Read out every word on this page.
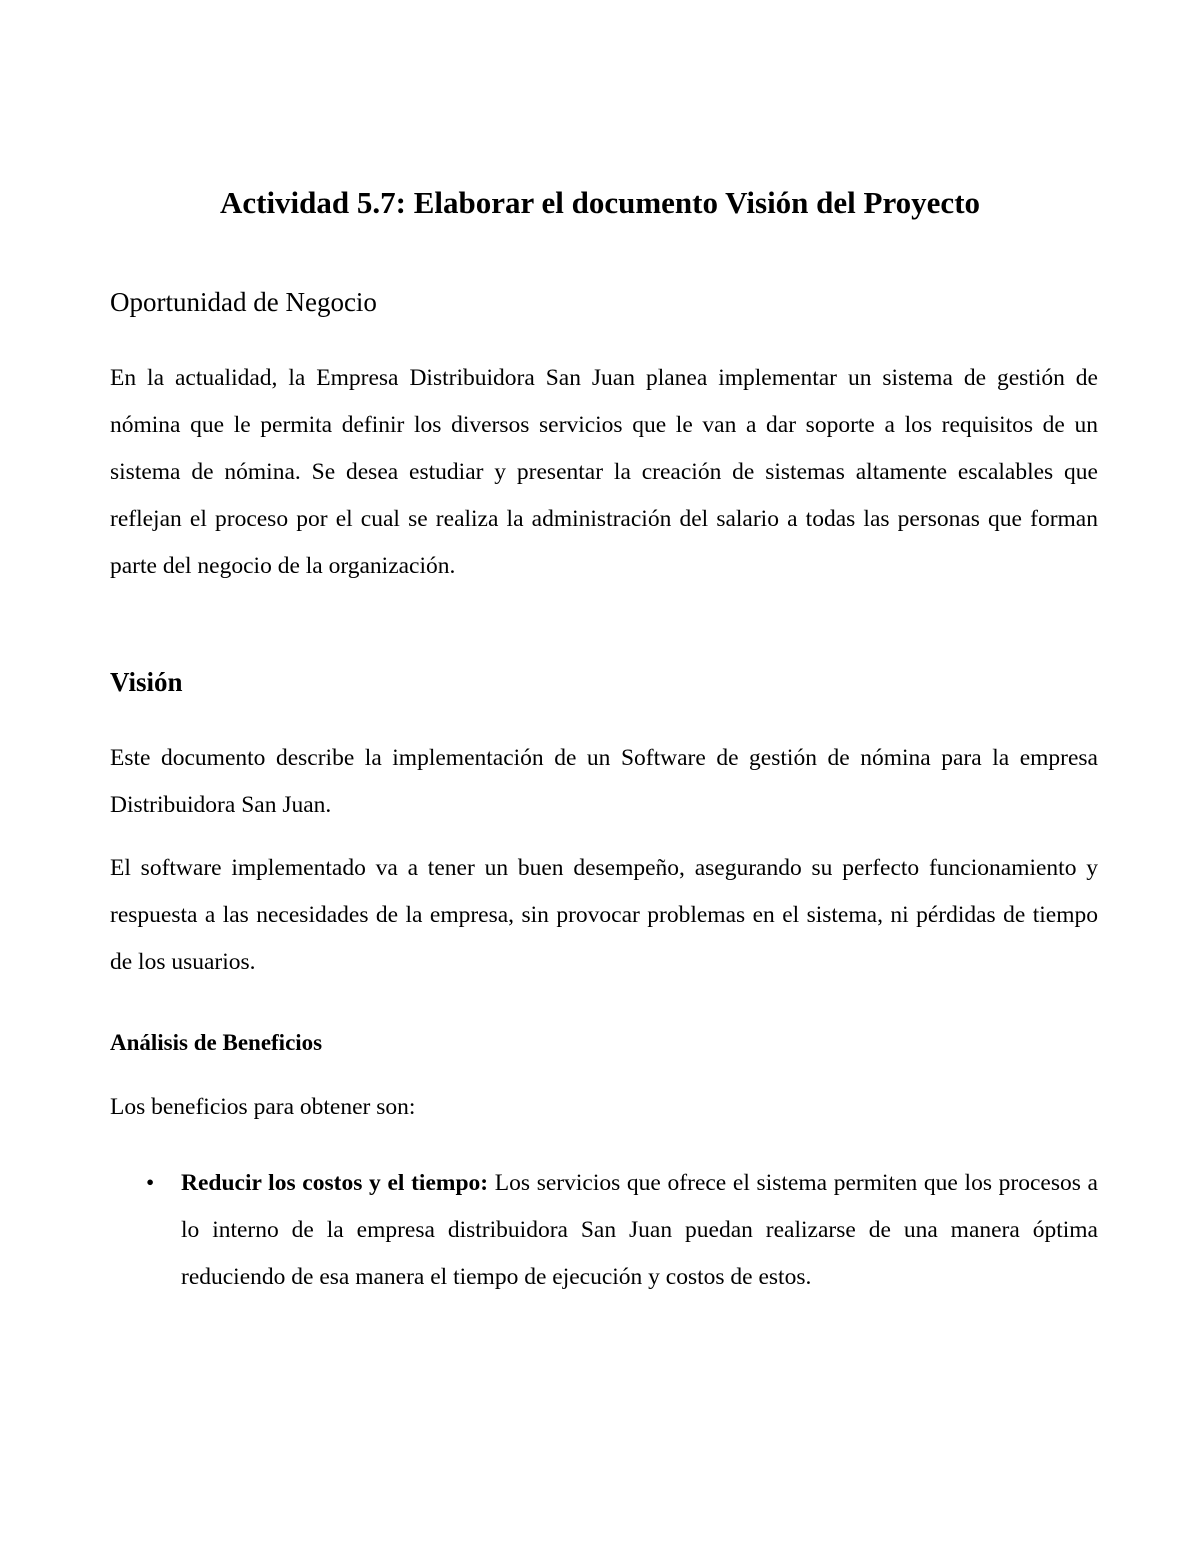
Actividad 5.7: Elaborar el documento Visión del Proyecto
Oportunidad de Negocio

En la actualidad, la Empresa Distribuidora San Juan planea implementar un sistema de gestión de nómina que le permita definir los diversos servicios que le van a dar soporte a los requisitos de un sistema de nómina. Se desea estudiar y presentar la creación de sistemas altamente escalables que reflejan el proceso por el cual se realiza la administración del salario a todas las personas que forman parte del negocio de la organización.

Visión

Este documento describe la implementación de un Software de gestión de nómina para la empresa Distribuidora San Juan.

El software implementado va a tener un buen desempeño, asegurando su perfecto funcionamiento y respuesta a las necesidades de la empresa, sin provocar problemas en el sistema, ni pérdidas de tiempo de los usuarios.

Análisis de Beneficios

Los beneficios para obtener son:

• Reducir los costos y el tiempo: Los servicios que ofrece el sistema permiten que los procesos a lo interno de la empresa distribuidora San Juan puedan realizarse de una manera óptima reduciendo de esa manera el tiempo de ejecución y costos de estos.
